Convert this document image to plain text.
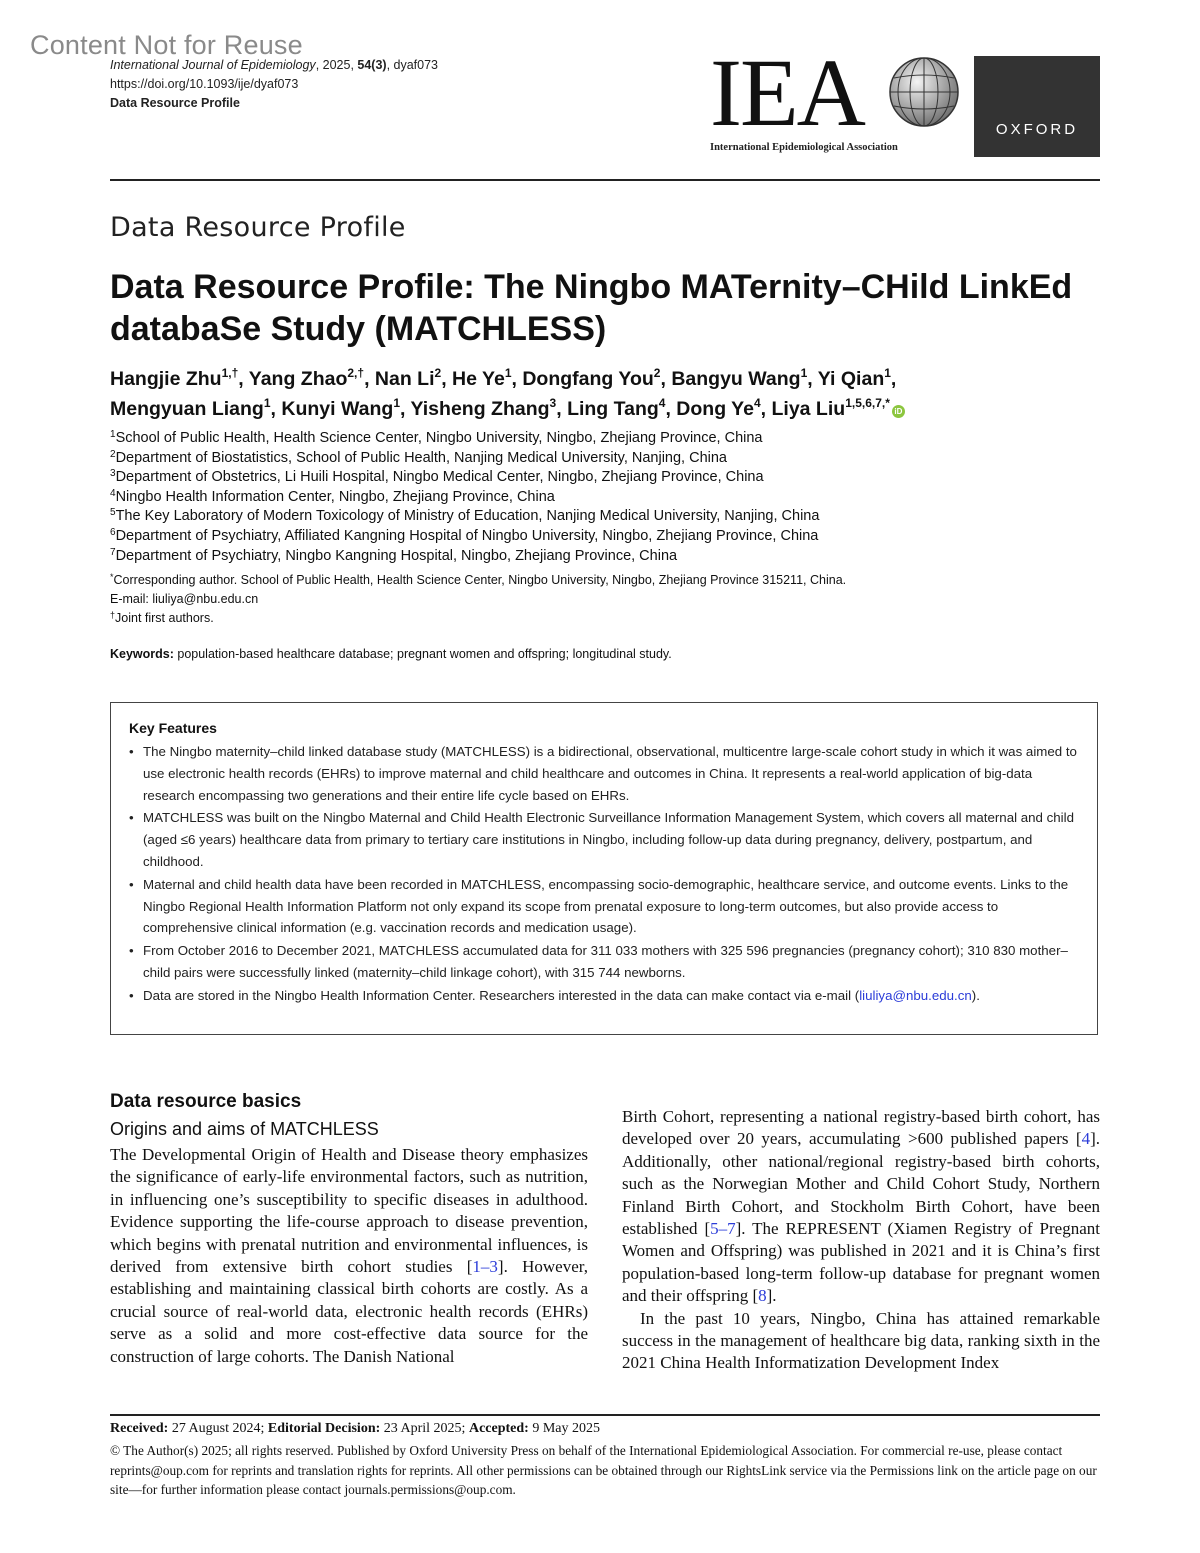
Content Not for Reuse
International Journal of Epidemiology, 2025, 54(3), dyaf073
https://doi.org/10.1093/ije/dyaf073
Data Resource Profile	IEA
International Epidemiological Association
OXFORD
Data Resource Profile
Data Resource Profile: The Ningbo MATernity–CHild LinkEd databaSe Study (MATCHLESS)
Hangjie Zhu$^{1,\dagger}$, Yang Zhao$^{2,\dagger}$, Nan Li$^2$, He Ye$^1$, Dongfang You$^2$, Bangyu Wang$^1$, Yi Qian$^1$,
Mengyuan Liang$^1$, Kunyi Wang$^1$, Yisheng Zhang$^3$, Ling Tang$^4$, Dong Ye$^4$, Liya Liu$^{1,5,6,7,*}$iD
$^1$School of Public Health, Health Science Center, Ningbo University, Ningbo, Zhejiang Province, China
$^2$Department of Biostatistics, School of Public Health, Nanjing Medical University, Nanjing, China
$^3$Department of Obstetrics, Li Huili Hospital, Ningbo Medical Center, Ningbo, Zhejiang Province, China
$^4$Ningbo Health Information Center, Ningbo, Zhejiang Province, China
$^5$The Key Laboratory of Modern Toxicology of Ministry of Education, Nanjing Medical University, Nanjing, China
$^6$Department of Psychiatry, Affiliated Kangning Hospital of Ningbo University, Ningbo, Zhejiang Province, China
$^7$Department of Psychiatry, Ningbo Kangning Hospital, Ningbo, Zhejiang Province, China
*Corresponding author. School of Public Health, Health Science Center, Ningbo University, Ningbo, Zhejiang Province 315211, China.
E-mail: liuliya@nbu.edu.cn
†Joint first authors.
Keywords: population-based healthcare database; pregnant women and offspring; longitudinal study.
Key Features
• The Ningbo maternity–child linked database study (MATCHLESS) is a bidirectional, observational, multicentre large-scale cohort study in which it was aimed to use electronic health records (EHRs) to improve maternal and child healthcare and outcomes in China. It represents a real-world application of big-data research encompassing two generations and their entire life cycle based on EHRs.
• MATCHLESS was built on the Ningbo Maternal and Child Health Electronic Surveillance Information Management System, which covers all maternal and child (aged ≤6 years) healthcare data from primary to tertiary care institutions in Ningbo, including follow-up data during pregnancy, delivery, postpartum, and childhood.
• Maternal and child health data have been recorded in MATCHLESS, encompassing socio-demographic, healthcare service, and outcome events. Links to the Ningbo Regional Health Information Platform not only expand its scope from prenatal exposure to long-term outcomes, but also provide access to comprehensive clinical information (e.g. vaccination records and medication usage).
• From October 2016 to December 2021, MATCHLESS accumulated data for 311 033 mothers with 325 596 pregnancies (pregnancy cohort); 310 830 mother–child pairs were successfully linked (maternity–child linkage cohort), with 315 744 newborns.
• Data are stored in the Ningbo Health Information Center. Researchers interested in the data can make contact via e-mail (liuliya@nbu.edu.cn).
Data resource basics
Origins and aims of MATCHLESS
The Developmental Origin of Health and Disease theory emphasizes the significance of early-life environmental factors, such as nutrition, in influencing one’s susceptibility to specific diseases in adulthood. Evidence supporting the life-course approach to disease prevention, which begins with prenatal nutrition and environmental influences, is derived from extensive birth cohort studies [1–3]. However, establishing and maintaining classical birth cohorts are costly. As a crucial source of real-world data, electronic health records (EHRs) serve as a solid and more cost-effective data source for the construction of large cohorts. The Danish National

Birth Cohort, representing a national registry-based birth cohort, has developed over 20 years, accumulating >600 published papers [4]. Additionally, other national/regional registry-based birth cohorts, such as the Norwegian Mother and Child Cohort Study, Northern Finland Birth Cohort, and Stockholm Birth Cohort, have been established [5–7]. The REPRESENT (Xiamen Registry of Pregnant Women and Offspring) was published in 2021 and it is China’s first population-based long-term follow-up database for pregnant women and their offspring [8].

In the past 10 years, Ningbo, China has attained remarkable success in the management of healthcare big data, ranking sixth in the 2021 China Health Informatization Development Index

Received: 27 August 2024; Editorial Decision: 23 April 2025; Accepted: 9 May 2025
© The Author(s) 2025; all rights reserved. Published by Oxford University Press on behalf of the International Epidemiological Association. For commercial re-use, please contact reprints@oup.com for reprints and translation rights for reprints. All other permissions can be obtained through our RightsLink service via the Permissions link on the article page on our site—for further information please contact journals.permissions@oup.com.
